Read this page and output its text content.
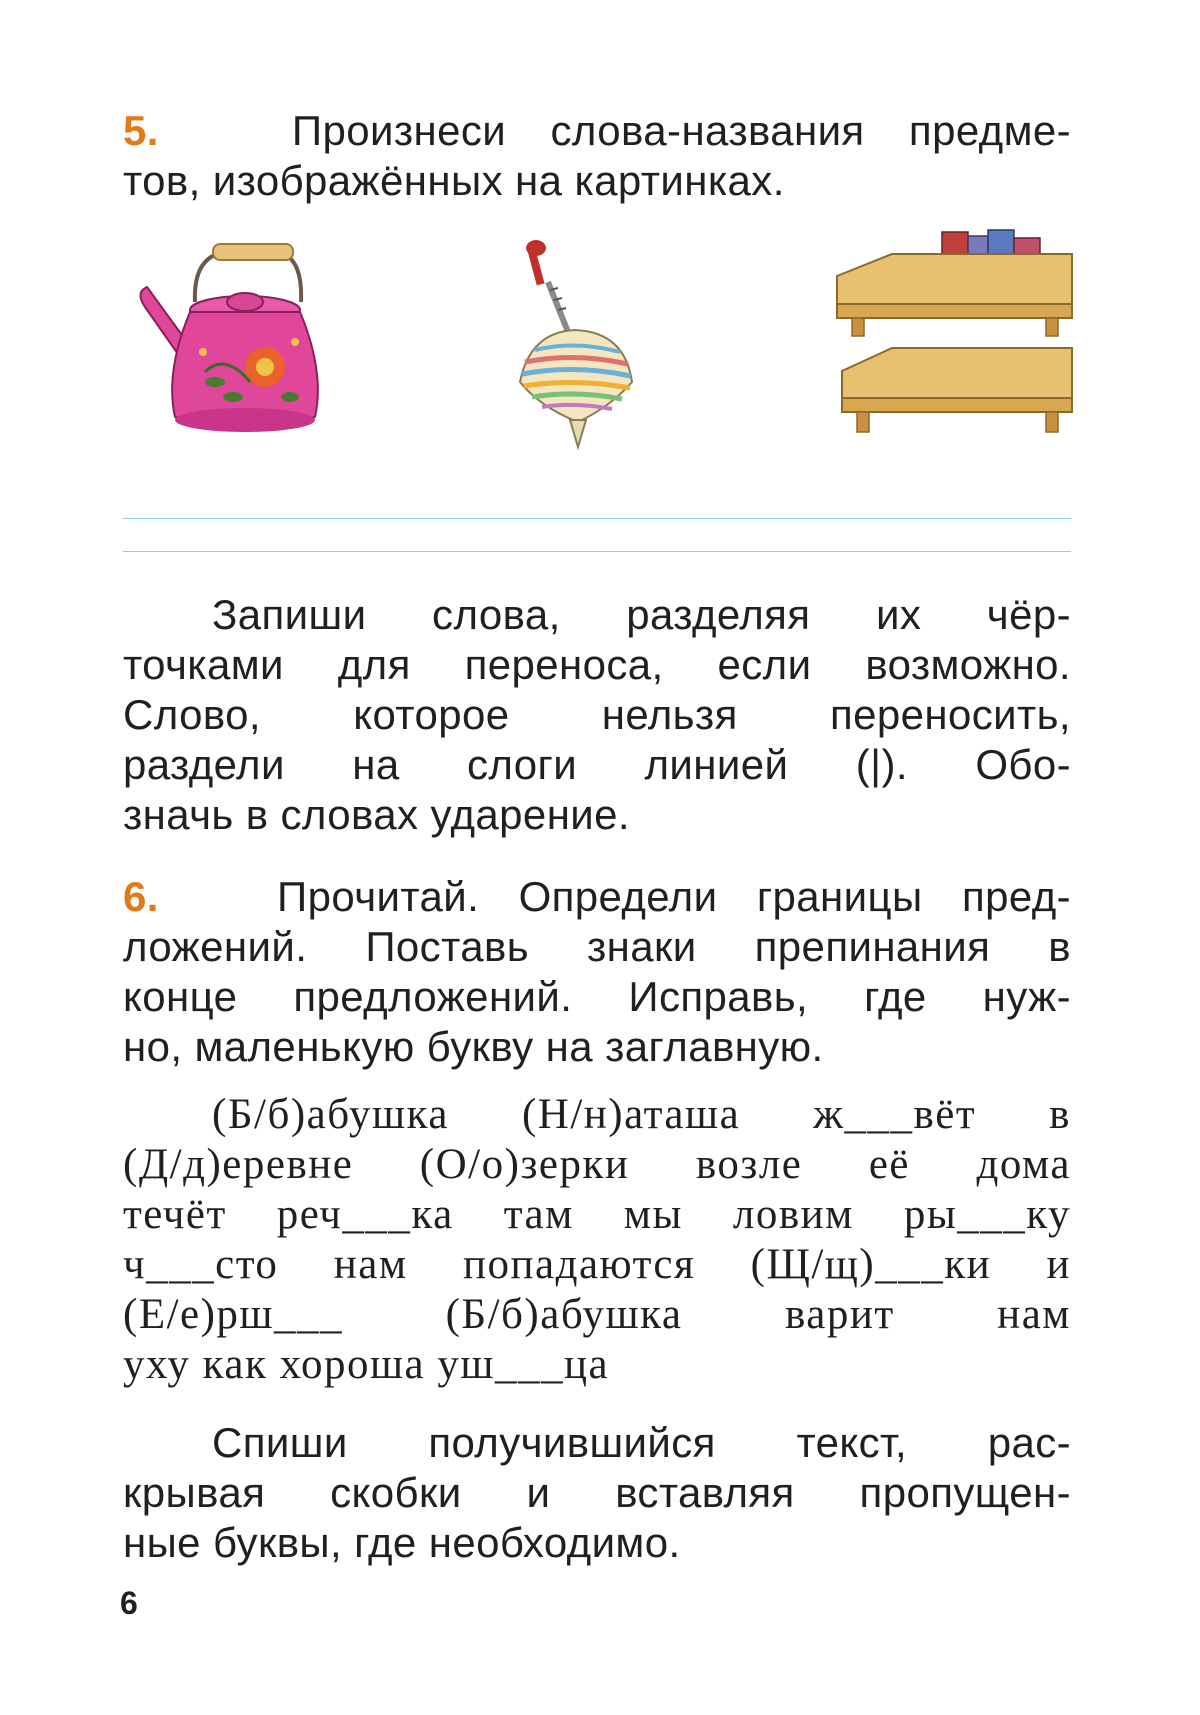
5.	Произнеси слова-названия предме-
тов, изображённых на картинках.
Запиши слова, разделяя их чёр-
точками для переноса, если возможно.
Слово, которое нельзя переносить,
раздели на слоги линией (|). Обо-
значь в словах ударение.
6.	Прочитай. Определи границы пред-
ложений. Поставь знаки препинания в
конце предложений. Исправь, где нуж-
но, маленькую букву на заглавную.
(Б/б)абушка (Н/н)аташа ж___вёт в
(Д/д)еревне (О/о)зерки возле её дома
течёт реч___ка там мы ловим ры___ку
ч___сто нам попадаются (Щ/щ)___ки и
(Е/е)рш___ (Б/б)абушка варит нам
уху как хороша уш___ца
Спиши получившийся текст, рас-
крывая скобки и вставляя пропущен-
ные буквы, где необходимо.
6
